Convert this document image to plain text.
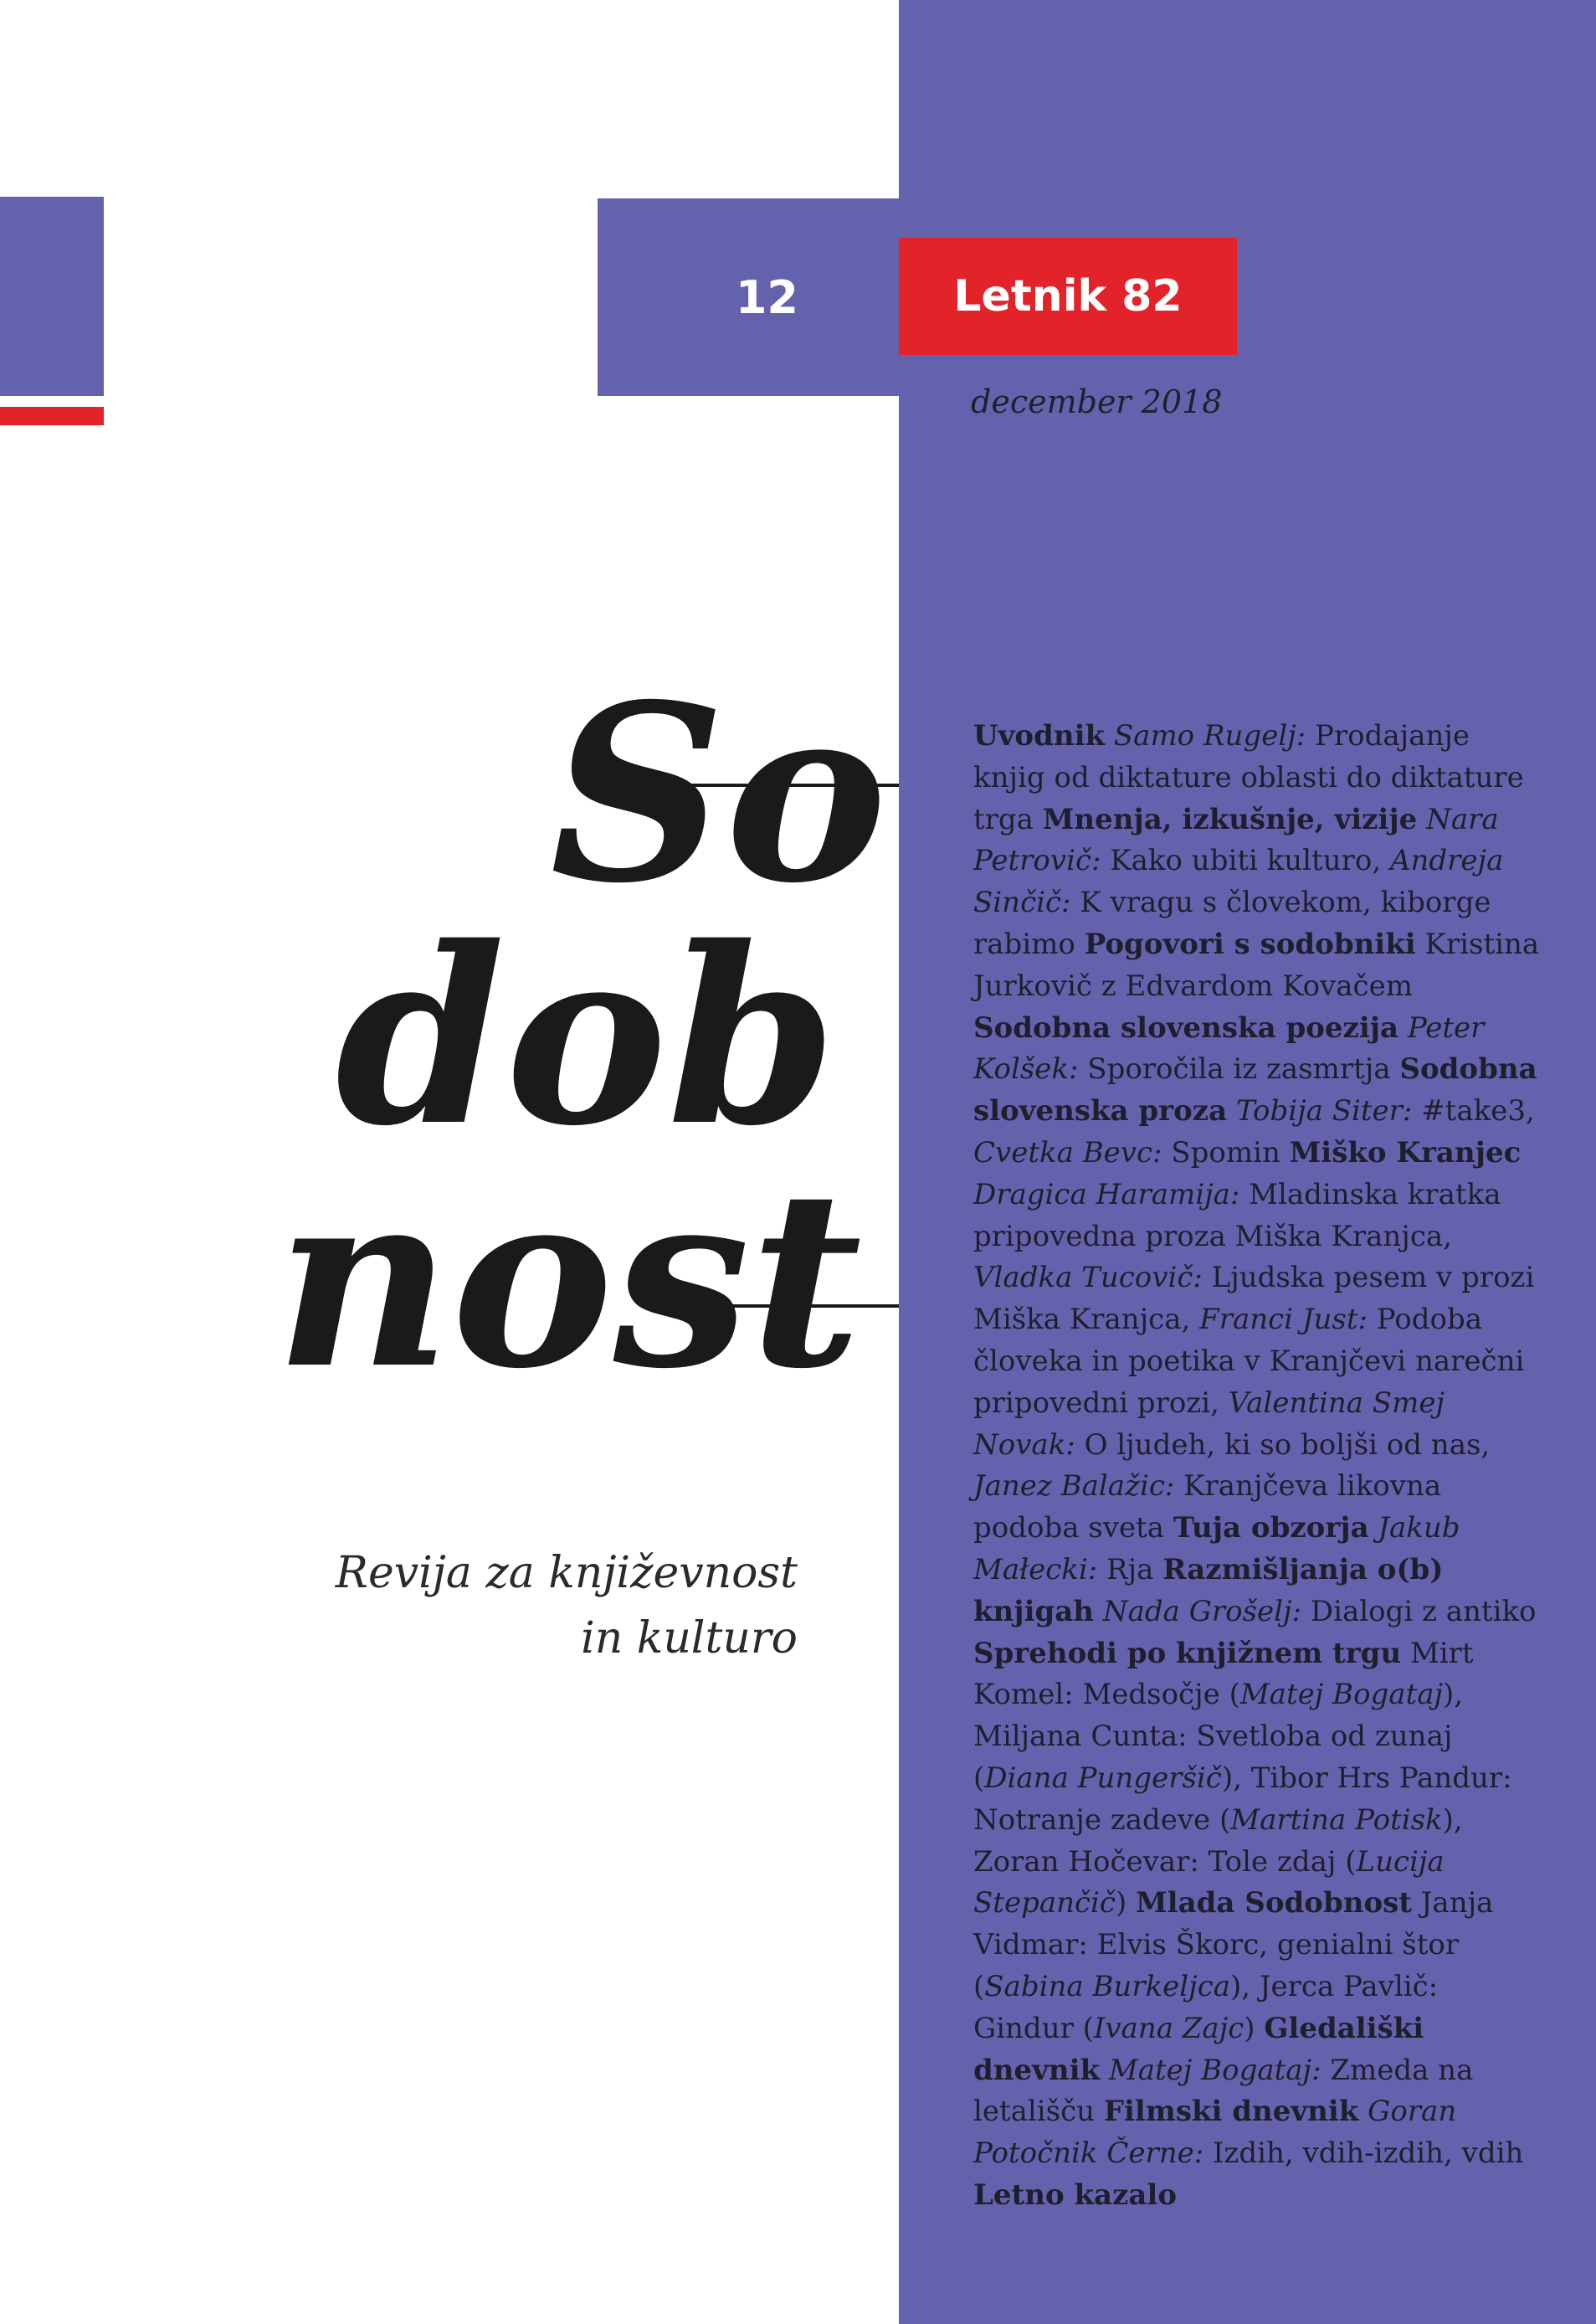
12	Letnik 82
december 2018
So
dob
nost
Revija za književnost
in kulturo
Uvodnik Samo Rugelj: Prodajanje knjig od diktature oblasti do diktature trga Mnenja, izkušnje, vizije Nara Petrovič: Kako ubiti kulturo, Andreja Sinčič: K vragu s človekom, kiborge rabimo Pogovori s sodobniki Kristina Jurkovič z Edvardom Kovačem Sodobna slovenska poezija Peter Kolšek: Sporočila iz zasmrtja Sodobna slovenska proza Tobija Siter: #take3, Cvetka Bevc: Spomin Miško Kranjec Dragica Haramija: Mladinska kratka pripovedna proza Miška Kranjca, Vladka Tucovič: Ljudska pesem v prozi Miška Kranjca, Franci Just: Podoba človeka in poetika v Kranjčevi narečni pripovedni prozi, Valentina Smej Novak: O ljudeh, ki so boljši od nas, Janez Balažic: Kranjčeva likovna podoba sveta Tuja obzorja Jakub Małecki: Rja Razmišljanja o(b) knjigah Nada Grošelj: Dialogi z antiko Sprehodi po knjižnem trgu Mirt Komel: Medsočje (Matej Bogataj), Miljana Cunta: Svetloba od zunaj (Diana Pungeršič), Tibor Hrs Pandur: Notranje zadeve (Martina Potisk), Zoran Hočevar: Tole zdaj (Lucija Stepančič) Mlada Sodobnost Janja Vidmar: Elvis Škorc, genialni štor (Sabina Burkeljca), Jerca Pavlič: Gindur (Ivana Zajc) Gledališki dnevnik Matej Bogataj: Zmeda na letališču Filmski dnevnik Goran Potočnik Černe: Izdih, vdih-izdih, vdih Letno kazalo
